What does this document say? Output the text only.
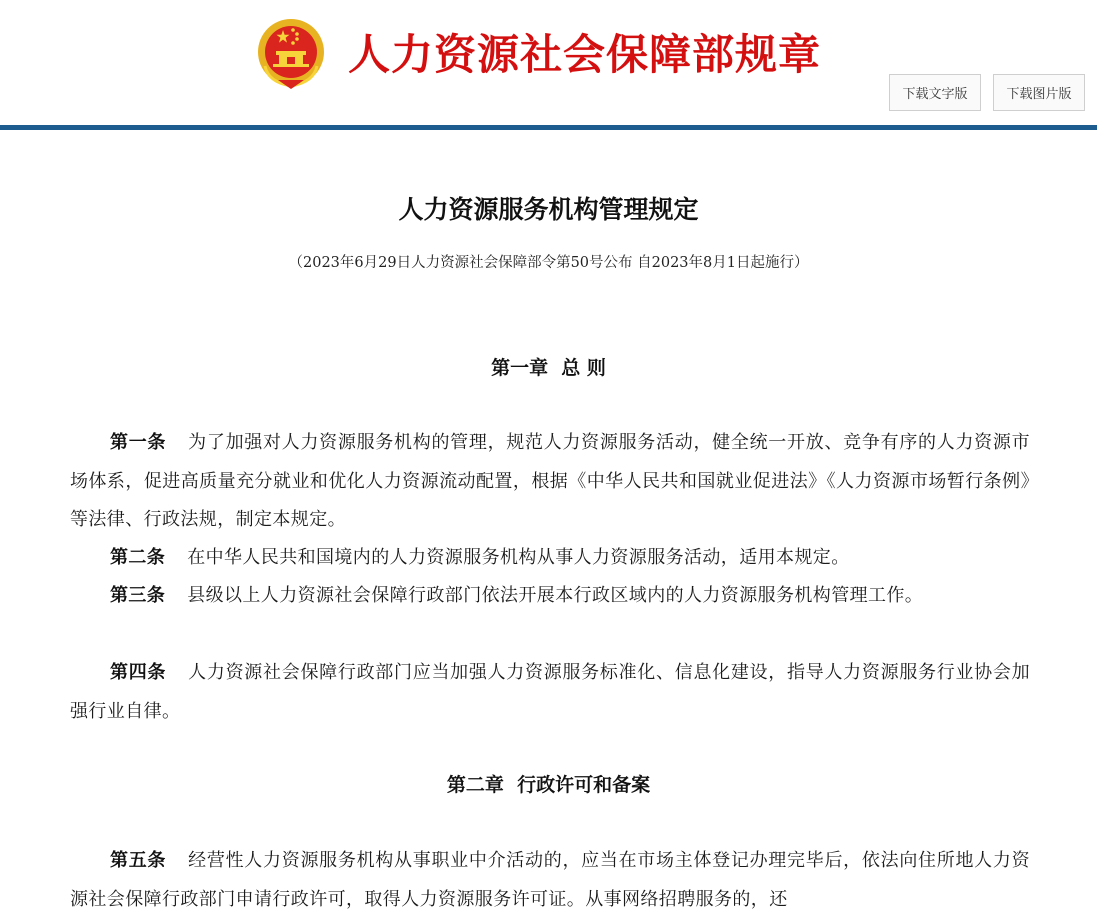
人力资源社会保障部规章
下载文字版	下载图片版
人力资源服务机构管理规定
（2023年6月29日人力资源社会保障部令第50号公布 自2023年8月1日起施行）
第一章  总 则

第一条 为了加强对人力资源服务机构的管理，规范人力资源服务活动，健全统一开放、竞争有序的人力资源市场体系，促进高质量充分就业和优化人力资源流动配置，根据《中华人民共和国就业促进法》《人力资源市场暂行条例》等法律、行政法规，制定本规定。

第二条 在中华人民共和国境内的人力资源服务机构从事人力资源服务活动，适用本规定。

第三条 县级以上人力资源社会保障行政部门依法开展本行政区域内的人力资源服务机构管理工作。

第四条 人力资源社会保障行政部门应当加强人力资源服务标准化、信息化建设，指导人力资源服务行业协会加强行业自律。

第二章  行政许可和备案

第五条 经营性人力资源服务机构从事职业中介活动的，应当在市场主体登记办理完毕后，依法向住所地人力资源社会保障行政部门申请行政许可，取得人力资源服务许可证。从事网络招聘服务的，还
